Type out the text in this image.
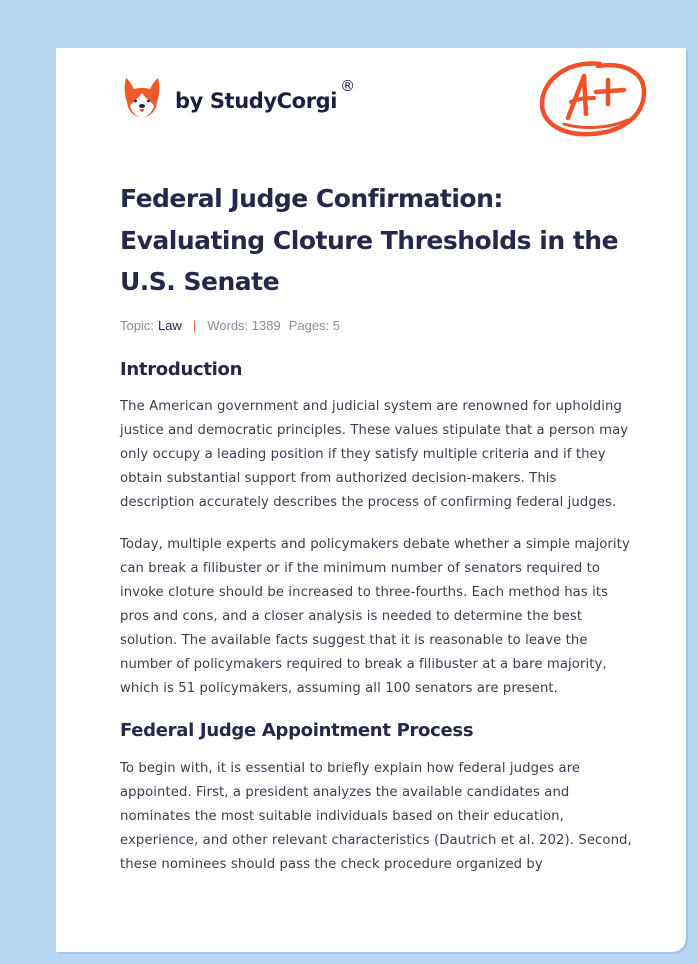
by StudyCorgi
®
Federal Judge Confirmation: Evaluating Cloture Thresholds in the U.S. Senate
Topic: Law | Words: 1389 Pages: 5
Introduction

The American government and judicial system are renowned for upholding justice and democratic principles. These values stipulate that a person may only occupy a leading position if they satisfy multiple criteria and if they obtain substantial support from authorized decision-makers. This description accurately describes the process of confirming federal judges.

Today, multiple experts and policymakers debate whether a simple majority can break a filibuster or if the minimum number of senators required to invoke cloture should be increased to three-fourths. Each method has its pros and cons, and a closer analysis is needed to determine the best solution. The available facts suggest that it is reasonable to leave the number of policymakers required to break a filibuster at a bare majority, which is 51 policymakers, assuming all 100 senators are present.

Federal Judge Appointment Process

To begin with, it is essential to briefly explain how federal judges are appointed. First, a president analyzes the available candidates and nominates the most suitable individuals based on their education, experience, and other relevant characteristics (Dautrich et al. 202). Second, these nominees should pass the check procedure organized by
